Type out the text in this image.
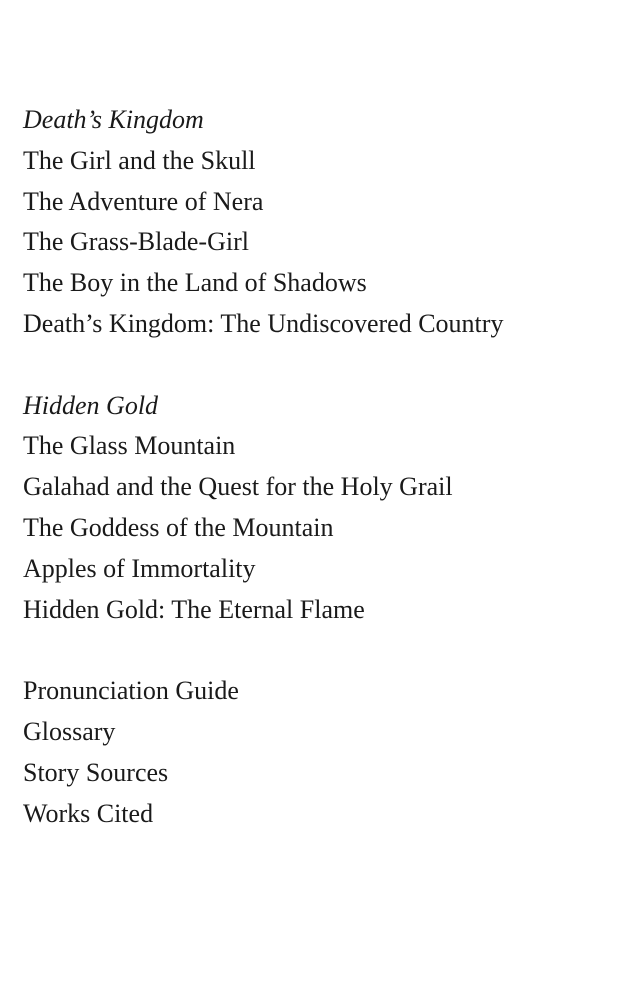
Death’s Kingdom
The Girl and the Skull
The Adventure of Nera
The Grass-Blade-Girl
The Boy in the Land of Shadows
Death’s Kingdom: The Undiscovered Country
Hidden Gold
The Glass Mountain
Galahad and the Quest for the Holy Grail
The Goddess of the Mountain
Apples of Immortality
Hidden Gold: The Eternal Flame
Pronunciation Guide
Glossary
Story Sources
Works Cited
